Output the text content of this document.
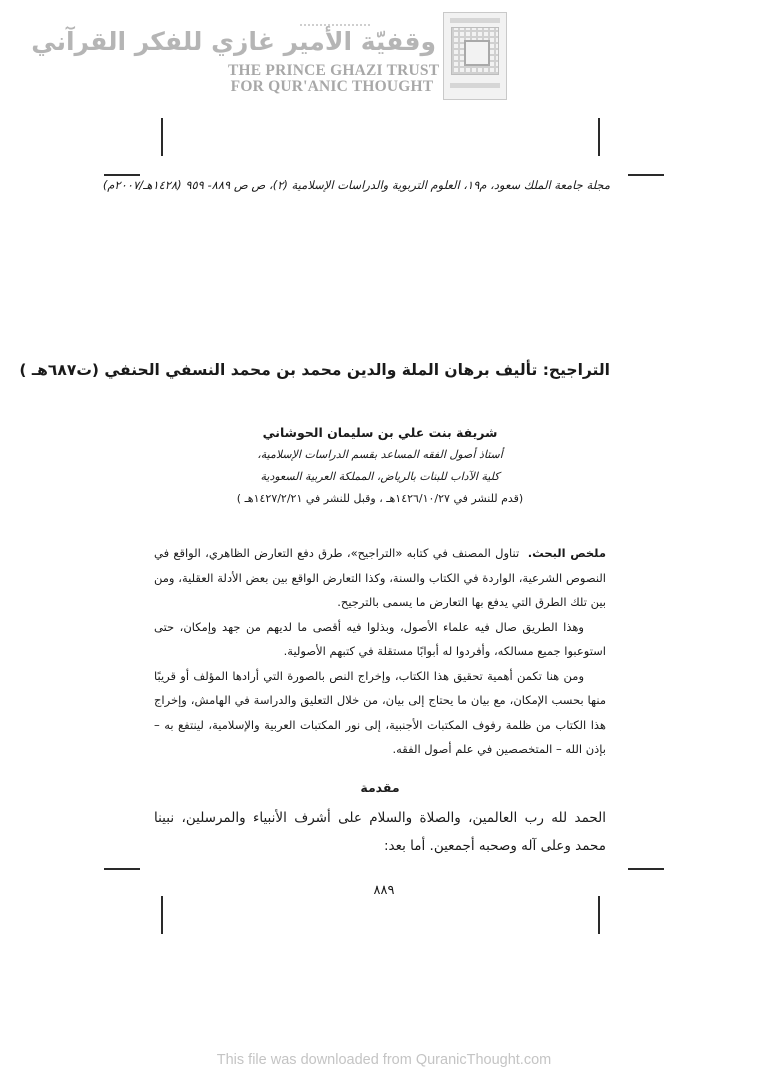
وقفيّة الأمير غازي للفكر القرآني
THE PRINCE GHAZI TRUST
FOR QUR'ANIC THOUGHT
مجلة جامعة الملك سعود، م١٩، العلوم التربوية والدراسات الإسلامية (٢)، ص ص ٨٨٩- ٩٥٩ (١٤٢٨هـ/٢٠٠٧م)
التراجيح: تأليف برهان الملة والدين محمد بن محمد النسفي الحنفي (ت٦٨٧هـ )
شريفة بنت علي بن سليمان الحوشاني
أستاذ أصول الفقه المساعد بقسم الدراسات الإسلامية،
كلية الآداب للبنات بالرياض، المملكة العربية السعودية
(قدم للنشر في ١٤٢٦/١٠/٢٧هـ ، وقبل للنشر في ١٤٢٧/٢/٢١هـ )

ملخص البحث.  تناول المصنف في كتابه «التراجيح»، طرق دفع التعارض الظاهري، الواقع في النصوص الشرعية، الواردة في الكتاب والسنة، وكذا التعارض الواقع بين بعض الأدلة العقلية، ومن بين تلك الطرق التي يدفع بها التعارض ما يسمى بالترجيح.

وهذا الطريق صال فيه علماء الأصول، وبذلوا فيه أقصى ما لديهم من جهد وإمكان، حتى استوعبوا جميع مسالكه، وأفردوا له أبوابًا مستقلة في كتبهم الأصولية.

ومن هنا تكمن أهمية تحقيق هذا الكتاب، وإخراج النص بالصورة التي أرادها المؤلف أو قريبًا منها بحسب الإمكان، مع بيان ما يحتاج إلى بيان، من خلال التعليق والدراسة في الهامش، وإخراج هذا الكتاب من ظلمة رفوف المكتبات الأجنبية، إلى نور المكتبات العربية والإسلامية، لينتفع به – بإذن الله – المتخصصين في علم أصول الفقه.

مقدمة

الحمد لله رب العالمين، والصلاة والسلام على أشرف الأنبياء والمرسلين، نبينا محمد وعلى آله وصحبه أجمعين. أما بعد:

٨٨٩
This file was downloaded from QuranicThought.com
